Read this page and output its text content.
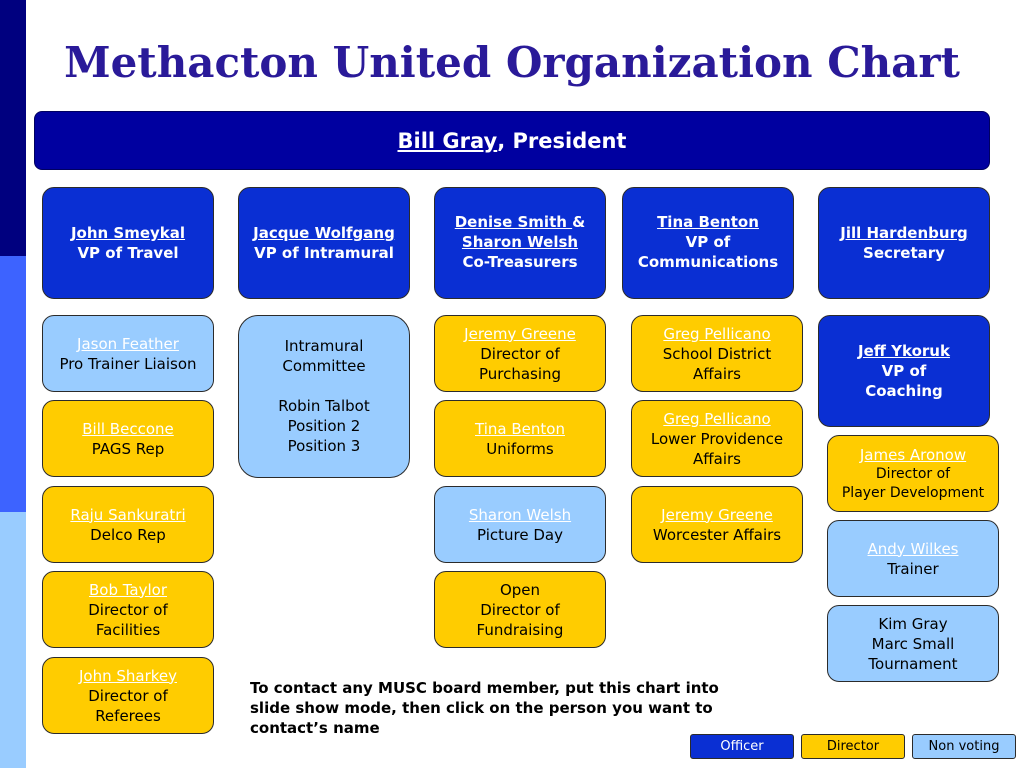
Methacton United Organization Chart
Bill Gray , President
John Smeykal
VP of Travel
Jacque Wolfgang
VP of Intramural
Denise Smith &
Sharon Welsh
Co-Treasurers
Tina Benton
VP of
Communications
Jill Hardenburg
Secretary
Jason Feather
Pro Trainer Liaison
Bill Beccone
PAGS Rep
Raju Sankuratri
Delco Rep
Bob Taylor
Director of
Facilities
John Sharkey
Director of
Referees
Intramural
Committee
Robin Talbot
Position 2
Position 3
Jeremy Greene
Director of
Purchasing
Tina Benton
Uniforms
Sharon Welsh
Picture Day
Open
Director of
Fundraising
Greg Pellicano
School District
Affairs
Greg Pellicano
Lower Providence
Affairs
Jeremy Greene
Worcester Affairs
Jeff Ykoruk
VP of
Coaching
James Aronow
Director of
Player Development
Andy Wilkes
Trainer
Kim Gray
Marc Small
Tournament
To contact any MUSC board member, put this chart into slide show mode, then click on the person you want to contact’s name
Officer	Director	Non voting
